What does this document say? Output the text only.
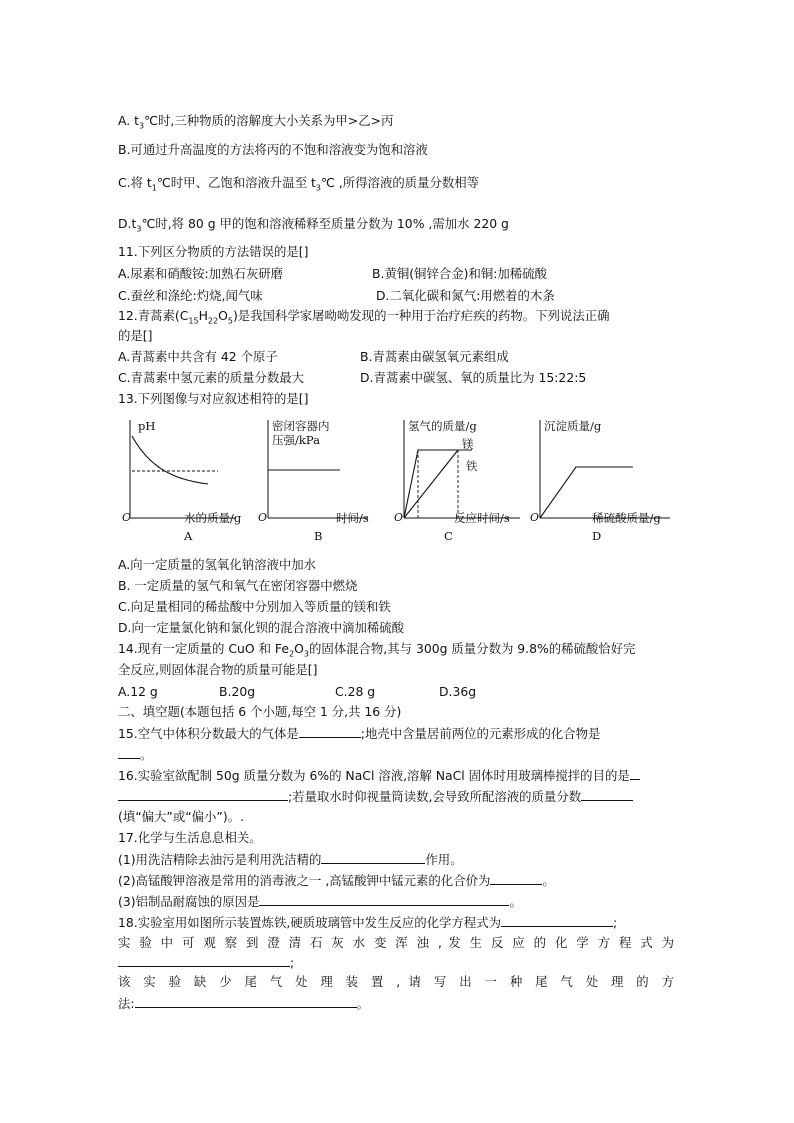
A. $t_3℃$时,三种物质的溶解度大小关系为甲>乙>丙
B.可通过升高温度的方法将丙的不饱和溶液变为饱和溶液
C.将 $t_1℃$时甲、乙饱和溶液升温至 $t_3℃$ ,所得溶液的质量分数相等
$D.t_3℃$时,将 80 g 甲的饱和溶液稀释至质量分数为 10% ,需加水 220 g
11.下列区分物质的方法错误的是[]
A.尿素和硝酸铵:加熟石灰研磨	B.黄铜(铜锌合金)和铜:加稀硫酸
C.蚕丝和涤纶:灼烧,闻气味	D.二氧化碳和氮气:用燃着的木条
12.青蒿素$(C_{15}H_{22}O_5)$是我国科学家屠呦呦发现的一种用于治疗疟疾的药物。下列说法正确
的是[]
A.青蒿素中共含有 42 个原子	B.青蒿素由碳氢氧元素组成
C.青蒿素中氢元素的质量分数最大	D.青蒿素中碳氢、氧的质量比为 15:22:5
13.下列图像与对应叙述相符的是[]
pH
O	水的质量/g
A
密闭容器内
压强/kPa
O	时间/s
B
氢气的质量/g
镁
铁
O	反应时间/s
C
沉淀质量/g
O	稀硫酸质量/g
D
A.向一定质量的氢氧化钠溶液中加水
B. 一定质量的氢气和氧气在密闭容器中燃烧
C.向足量相同的稀盐酸中分别加入等质量的镁和铁
D.向一定量氯化钠和氯化钡的混合溶液中滴加稀硫酸
14.现有一定质量的 CuO 和 $Fe_2O_3$的固体混合物,其与 300g 质量分数为 9.8%的稀硫酸恰好完
全反应,则固体混合物的质量可能是[]
A.12 g	B.20g	C.28 g	D.36g
二、填空题(本题包括 6 个小题,每空 1 分,共 16 分)
15.空气中体积分数最大的气体是	;地壳中含量居前两位的元素形成的化合物是
。
16.实验室欲配制 50g 质量分数为 6%的 NaCl 溶液,溶解 NaCl 固体时用玻璃棒搅拌的目的是
;若量取水时仰视量筒读数,会导致所配溶液的质量分数
(填“偏大”或“偏小”)。.
17.化学与生活息息相关。
(1)用洗洁精除去油污是利用洗洁精的	作用。
(2)高锰酸钾溶液是常用的消毒液之一 ,高锰酸钾中锰元素的化合价为	。
(3)铝制品耐腐蚀的原因是	。
18.实验室用如图所示装置炼铁,硬质玻璃管中发生反应的化学方程式为	;
实 验 中 可 观 察 到 澄 清 石 灰 水 变 浑 浊 , 发 生 反 应 的 化 学 方 程 式 为
;
该 实 验 缺 少 尾 气 处 理 装 置 , 请 写 出 一 种 尾 气 处 理 的 方
法:	。
